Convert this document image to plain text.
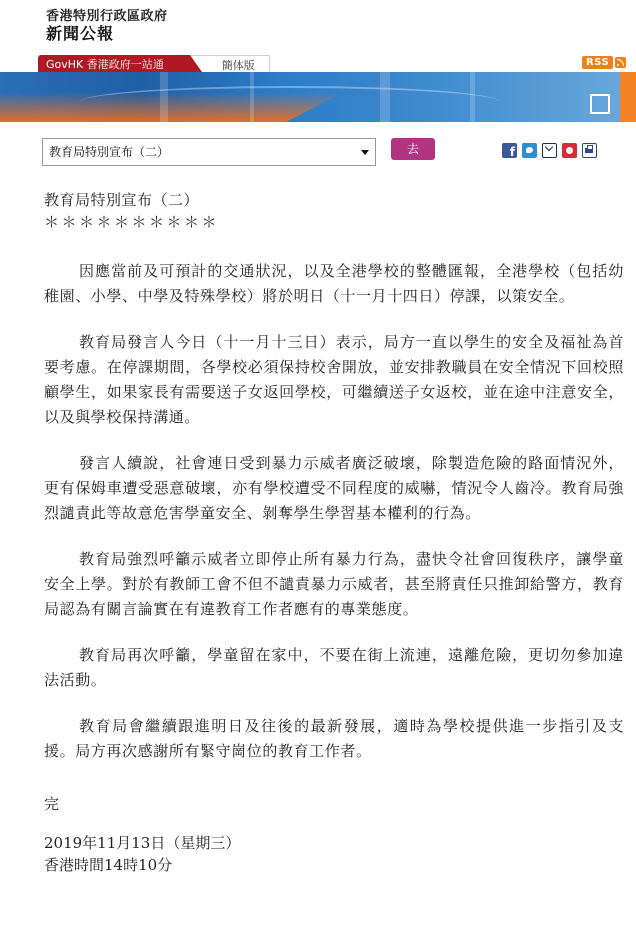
香港特別行政區政府
新聞公報
GovHK 香港政府一站通	簡体版	RSS
教育局特別宣布（二）	去
f
教育局特別宣布（二）
＊＊＊＊＊＊＊＊＊＊

因應當前及可預計的交通狀況，以及全港學校的整體匯報，全港學校（包括幼稚園、小學、中學及特殊學校）將於明日（十一月十四日）停課，以策安全。

教育局發言人今日（十一月十三日）表示，局方一直以學生的安全及福祉為首要考慮。在停課期間，各學校必須保持校舍開放，並安排教職員在安全情況下回校照顧學生，如果家長有需要送子女返回學校，可繼續送子女返校，並在途中注意安全，以及與學校保持溝通。

發言人續說，社會連日受到暴力示威者廣泛破壞，除製造危險的路面情況外，更有保姆車遭受惡意破壞，亦有學校遭受不同程度的威嚇，情況令人齒冷。教育局強烈譴責此等故意危害學童安全、剝奪學生學習基本權利的行為。

教育局強烈呼籲示威者立即停止所有暴力行為，盡快令社會回復秩序，讓學童安全上學。對於有教師工會不但不譴責暴力示威者，甚至將責任只推卸給警方，教育局認為有關言論實在有違教育工作者應有的專業態度。

教育局再次呼籲，學童留在家中，不要在街上流連，遠離危險，更切勿參加違法活動。

教育局會繼續跟進明日及往後的最新發展，適時為學校提供進一步指引及支援。局方再次感謝所有緊守崗位的教育工作者。

完
2019年11月13日（星期三）
香港時間14時10分
